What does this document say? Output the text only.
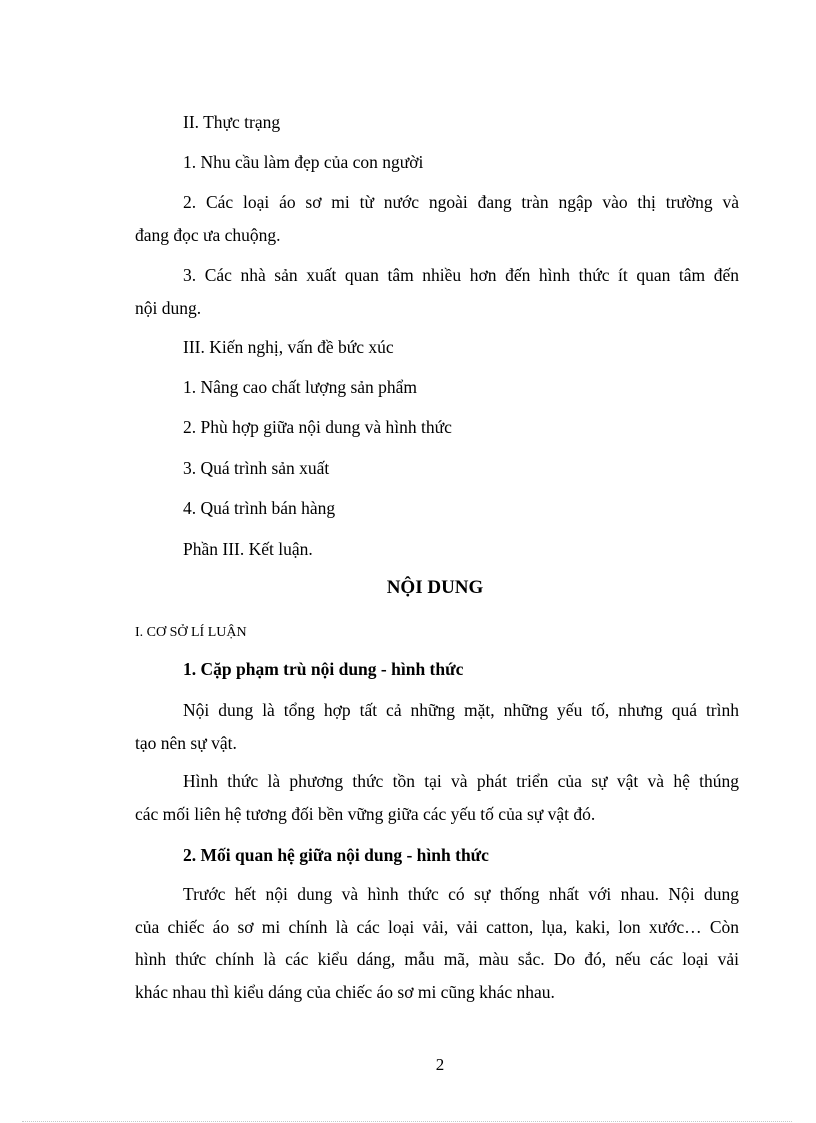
II. Thực trạng
1. Nhu cầu làm đẹp của con người
2. Các loại áo sơ mi từ nước ngoài đang tràn ngập vào thị trường và
đang đọc ưa chuộng.
3. Các nhà sản xuất quan tâm nhiều hơn đến hình thức ít quan tâm đến
nội dung.
III. Kiến nghị, vấn đề bức xúc
1. Nâng cao chất lượng sản phẩm
2. Phù hợp giữa nội dung và hình thức
3. Quá trình sản xuất
4. Quá trình bán hàng
Phần III. Kết luận.
NỘI DUNG
I. CƠ SỞ LÍ LUẬN
1. Cặp phạm trù nội dung - hình thức
Nội dung là tổng hợp tất cả những mặt, những yếu tố, nhưng quá trình
tạo nên sự vật.
Hình thức là phương thức tồn tại và phát triển của sự vật và hệ thúng
các mối liên hệ tương đối bền vững giữa các yếu tố của sự vật đó.
2. Mối quan hệ giữa nội dung - hình thức
Trước hết nội dung và hình thức có sự thống nhất với nhau. Nội dung
của chiếc áo sơ mi chính là các loại vải, vải catton, lụa, kaki, lon xước… Còn
hình thức chính là các kiểu dáng, mẫu mã, màu sắc. Do đó, nếu các loại vải
khác nhau thì kiểu dáng của chiếc áo sơ mi cũng khác nhau.
2
